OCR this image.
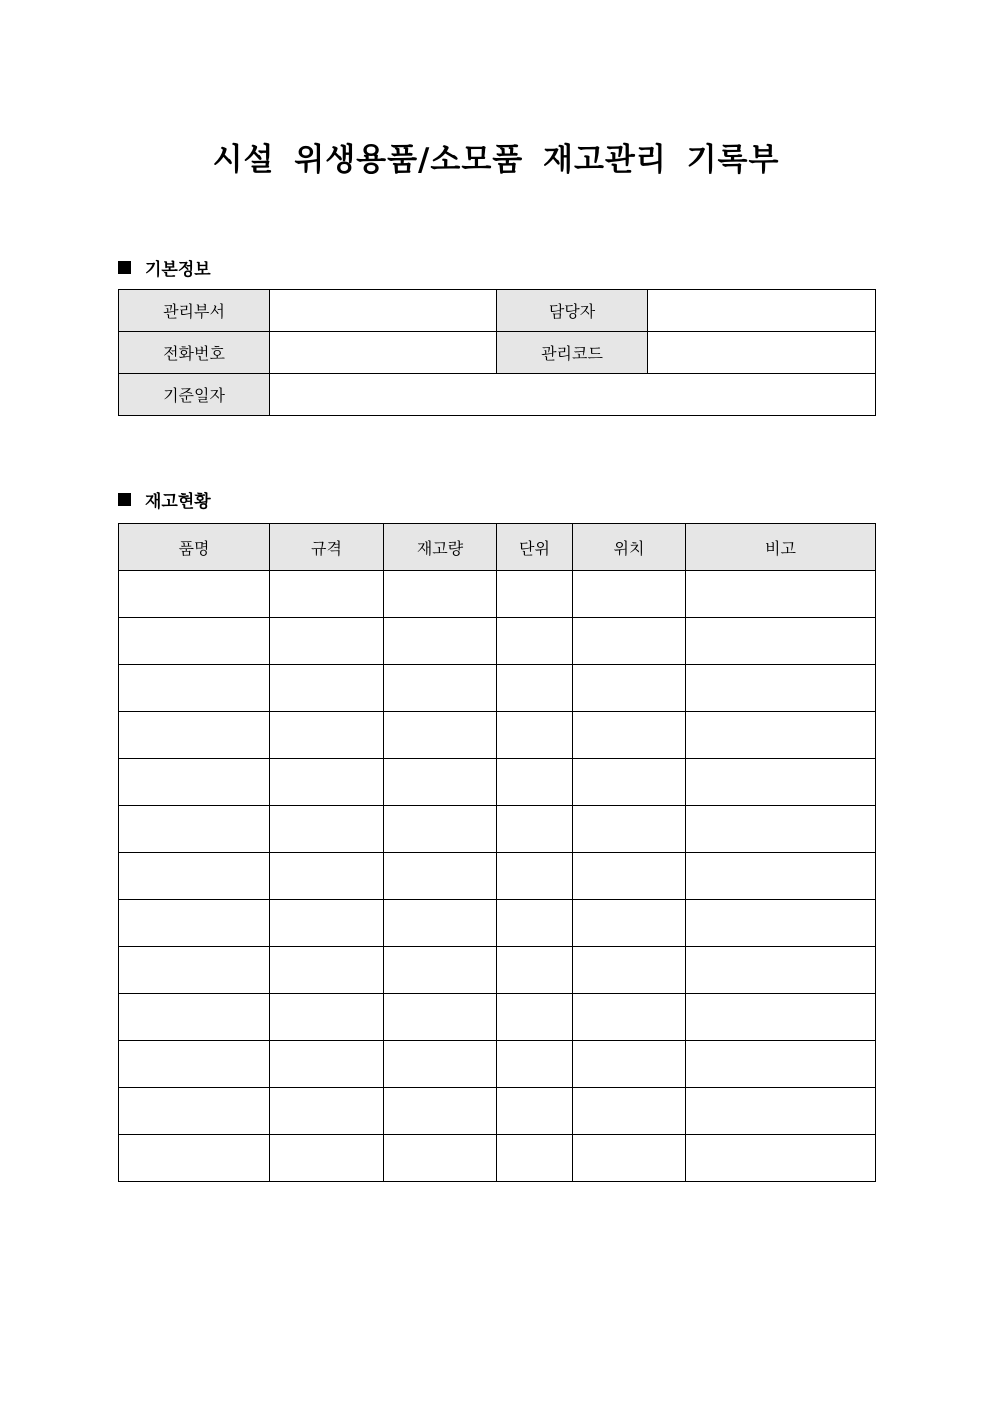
시설 위생용품/소모품 재고관리 기록부
기본정보
관리부서		담당자	
전화번호		관리코드	
기준일자			
재고현황
품명	규격	재고량	단위	위치	비고
